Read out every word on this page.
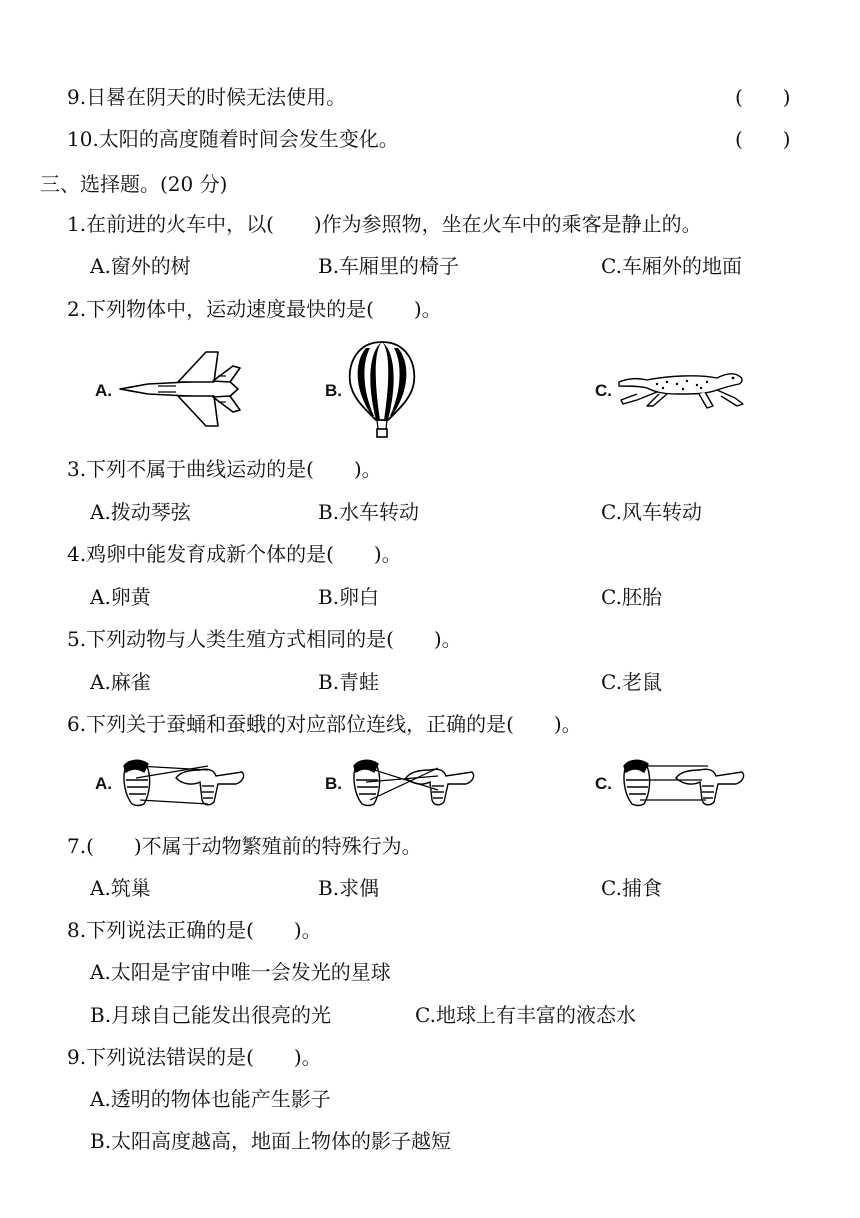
9.日晷在阴天的时候无法使用。	(　　)
10.太阳的高度随着时间会发生变化。	(　　)
三、选择题。(20 分)
1.在前进的火车中，以(　　)作为参照物，坐在火车中的乘客是静止的。
A.窗外的树	B.车厢里的椅子	C.车厢外的地面
2.下列物体中，运动速度最快的是(　　)。
A.	B.	C.
3.下列不属于曲线运动的是(　　)。
A.拨动琴弦	B.水车转动	C.风车转动
4.鸡卵中能发育成新个体的是(　　)。
A.卵黄	B.卵白	C.胚胎
5.下列动物与人类生殖方式相同的是(　　)。
A.麻雀	B.青蛙	C.老鼠
6.下列关于蚕蛹和蚕蛾的对应部位连线，正确的是(　　)。
A.	B.	C.
7.(　　)不属于动物繁殖前的特殊行为。
A.筑巢	B.求偶	C.捕食
8.下列说法正确的是(　　)。
A.太阳是宇宙中唯一会发光的星球
B.月球自己能发出很亮的光	C.地球上有丰富的液态水
9.下列说法错误的是(　　)。
A.透明的物体也能产生影子
B.太阳高度越高，地面上物体的影子越短
